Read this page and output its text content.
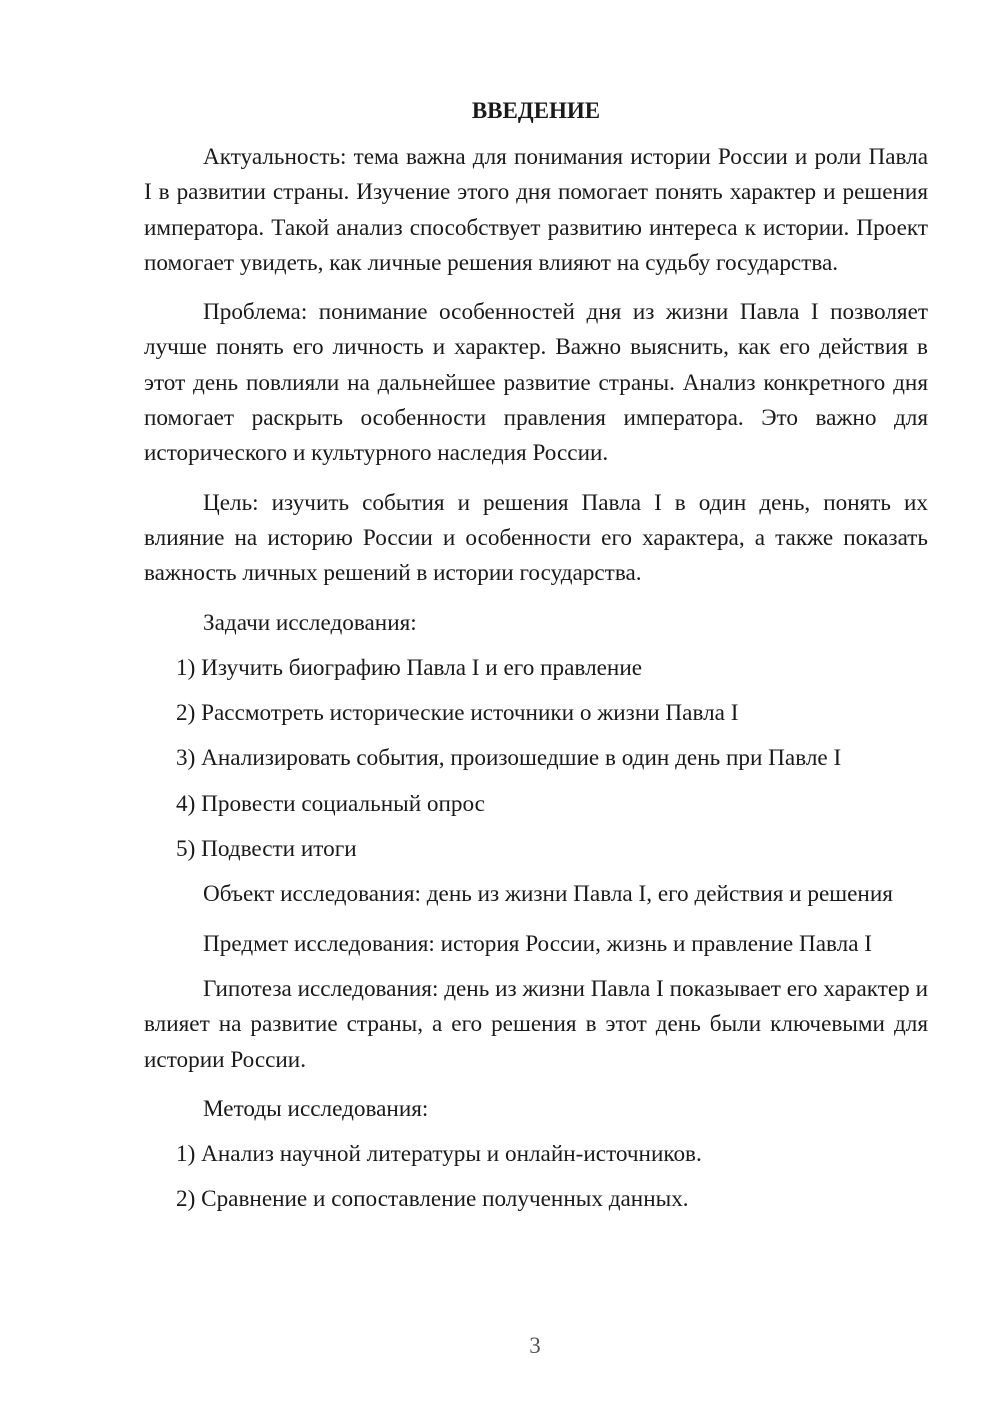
ВВЕДЕНИЕ

Актуальность: тема важна для понимания истории России и роли Павла I в развитии страны. Изучение этого дня помогает понять характер и решения императора. Такой анализ способствует развитию интереса к истории. Проект помогает увидеть, как личные решения влияют на судьбу государства.

Проблема: понимание особенностей дня из жизни Павла I позволяет лучше понять его личность и характер. Важно выяснить, как его действия в этот день повлияли на дальнейшее развитие страны. Анализ конкретного дня помогает раскрыть особенности правления императора. Это важно для исторического и культурного наследия России.

Цель: изучить события и решения Павла I в один день, понять их влияние на историю России и особенности его характера, а также показать важность личных решений в истории государства.

Задачи исследования:

1) Изучить биографию Павла I и его правление

2) Рассмотреть исторические источники о жизни Павла I

3) Анализировать события, произошедшие в один день при Павле I

4) Провести социальный опрос

5) Подвести итоги

Объект исследования: день из жизни Павла I, его действия и решения

Предмет исследования: история России, жизнь и правление Павла I

Гипотеза исследования: день из жизни Павла I показывает его характер и влияет на развитие страны, а его решения в этот день были ключевыми для истории России.

Методы исследования:

1) Анализ научной литературы и онлайн-источников.

2) Сравнение и сопоставление полученных данных.

3
